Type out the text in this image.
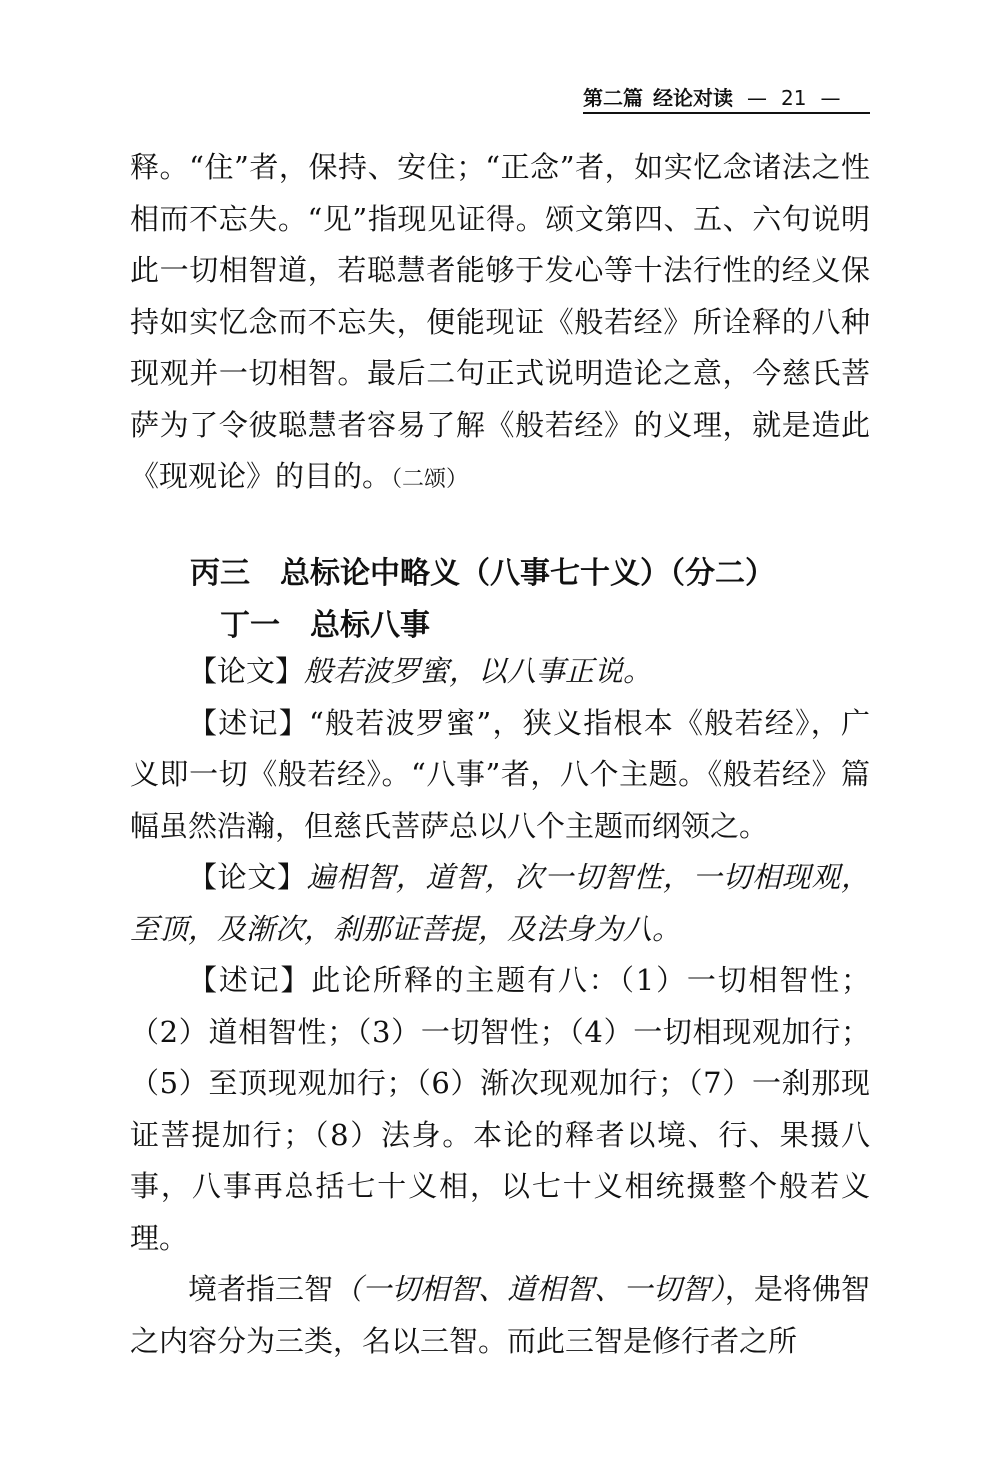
第二篇 经论对读 — 21 —

释。“住”者，保持、安住；“正念”者，如实忆念诸法之性相而不忘失。“见”指现见证得。颂文第四、五、六句说明此一切相智道，若聪慧者能够于发心等十法行性的经义保持如实忆念而不忘失，便能现证《般若经》所诠释的八种现观并一切相智。最后二句正式说明造论之意，今慈氏菩萨为了令彼聪慧者容易了解《般若经》的义理，就是造此《现观论》的目的。（二颂）

丙三 总标论中略义（八事七十义）（分二）
丁一 总标八事

【论文】般若波罗蜜，以八事正说。

【述记】“般若波罗蜜”，狭义指根本《般若经》，广义即一切《般若经》。“八事”者，八个主题。《般若经》篇幅虽然浩瀚，但慈氏菩萨总以八个主题而纲领之。

【论文】遍相智，道智，次一切智性，一切相现观，至顶，及渐次，刹那证菩提，及法身为八。

【述记】此论所释的主题有八：（1）一切相智性；（2）道相智性；（3）一切智性；（4）一切相现观加行；（5）至顶现观加行；（6）渐次现观加行；（7）一刹那现证菩提加行；（8）法身。本论的释者以境、行、果摄八事，八事再总括七十义相，以七十义相统摄整个般若义理。

境者指三智（一切相智、道相智、一切智），是将佛智之内容分为三类，名以三智。而此三智是修行者之所
